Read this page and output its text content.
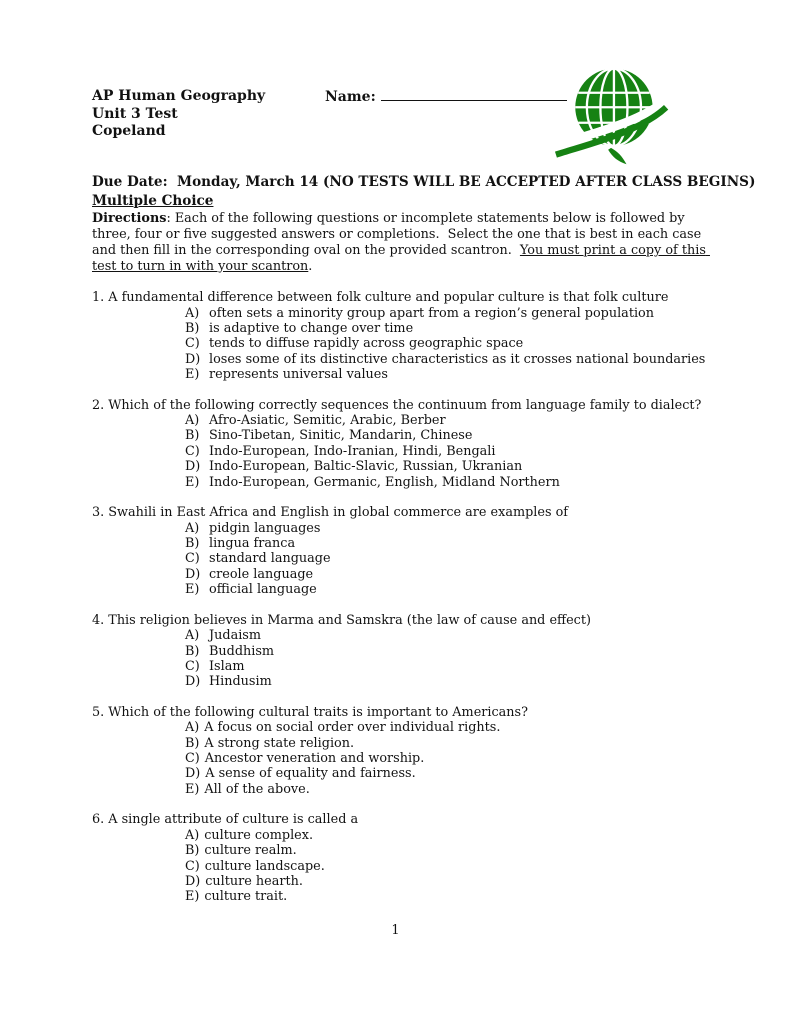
AP Human Geography
Unit 3 Test
Copeland
Name:
Due Date:  Monday, March 14 (NO TESTS WILL BE ACCEPTED AFTER CLASS BEGINS)
Multiple Choice
Directions: Each of the following questions or incomplete statements below is followed by three, four or five suggested answers or completions.  Select the one that is best in each case and then fill in the corresponding oval on the provided scantron.  You must print a copy of this test to turn in with your scantron.
1. A fundamental difference between folk culture and popular culture is that folk culture
A) often sets a minority group apart from a region’s general population
B) is adaptive to change over time
C) tends to diffuse rapidly across geographic space
D) loses some of its distinctive characteristics as it crosses national boundaries
E) represents universal values
2. Which of the following correctly sequences the continuum from language family to dialect?
A) Afro-Asiatic, Semitic, Arabic, Berber
B) Sino-Tibetan, Sinitic, Mandarin, Chinese
C) Indo-European, Indo-Iranian, Hindi, Bengali
D) Indo-European, Baltic-Slavic, Russian, Ukranian
E) Indo-European, Germanic, English, Midland Northern
3. Swahili in East Africa and English in global commerce are examples of
A) pidgin languages
B) lingua franca
C) standard language
D) creole language
E) official language
4. This religion believes in Marma and Samskra (the law of cause and effect)
A) Judaism
B) Buddhism
C) Islam
D) Hindusim
5. Which of the following cultural traits is important to Americans?
A) A focus on social order over individual rights.
B) A strong state religion.
C) Ancestor veneration and worship.
D) A sense of equality and fairness.
E) All of the above.
6. A single attribute of culture is called a
A) culture complex.
B) culture realm.
C) culture landscape.
D) culture hearth.
E) culture trait.
1
